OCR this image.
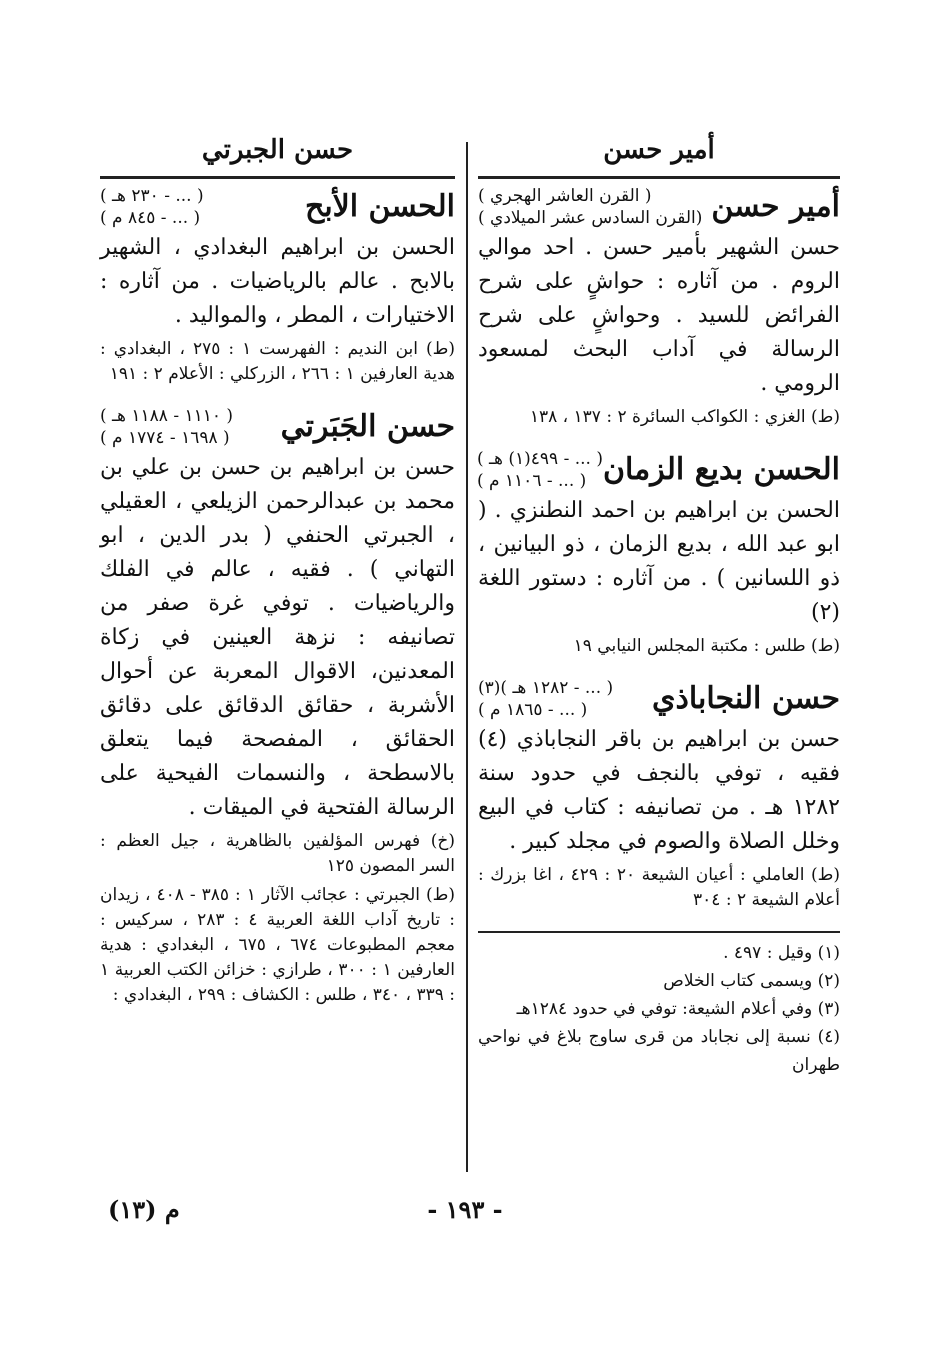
أمير حسن
أمير حسن
( القرن العاشر الهجري )
(القرن السادس عشر الميلادي )

حسن الشهير بأمير حسن . احد موالي الروم . من آثاره : حواشٍ على شرح الفرائض للسيد . وحواشٍ على شرح الرسالة في آداب البحث لمسعود الرومي .

(ط) الغزي : الكواكب السائرة ٢ : ١٣٧ ، ١٣٨

الحسن بديع الزمان
( ... - ٤٩٩(١) هـ )
( ... - ١١٠٦ م )

الحسن بن ابراهيم بن احمد النطنزي . ( ابو عبد الله ، بديع الزمان ، ذو البيانين ، ذو اللسانين ) . من آثاره : دستور اللغة (٢)

(ط) طلس : مكتبة المجلس النيابي ١٩

حسن النجاباذي
( ... - ١٢٨٢ هـ )(٣)
( ... - ١٨٦٥ م )

حسن بن ابراهيم بن باقر النجاباذي (٤) فقيه ، توفي بالنجف في حدود سنة ١٢٨٢ هـ . من تصانيفه : كتاب في البيع وخلل الصلاة والصوم في مجلد كبير .

(ط) العاملي : أعيان الشيعة ٢٠ : ٤٢٩ ، اغا بزرك : أعلام الشيعة ٢ : ٣٠٤

(١) وقيل : ٤٩٧ .
(٢) ويسمى كتاب الخلاص
(٣) وفي أعلام الشيعة: توفي في حدود ١٢٨٤هـ
(٤) نسبة إلى نجاباد من قرى ساوج بلاغ في نواحي طهران
حسن الجبرتي
الحسن الأبح
( ... - ٢٣٠ هـ )
( ... - ٨٤٥ م )

الحسن بن ابراهيم البغدادي ، الشهير بالابح . عالم بالرياضيات . من آثاره : الاختيارات ، المطر ، والمواليد .

(ط) ابن النديم : الفهرست ١ : ٢٧٥ ، البغدادي : هدية العارفين ١ : ٢٦٦ ، الزركلي : الأعلام ٢ : ١٩١

حسن الجَبَرتي
( ١١١٠ - ١١٨٨ هـ )
( ١٦٩٨ - ١٧٧٤ م )

حسن بن ابراهيم بن حسن بن علي بن محمد بن عبدالرحمن الزيلعي ، العقيلي ، الجبرتي الحنفي ( بدر الدين ، ابو التهاني ) . فقيه ، عالم في الفلك والرياضيات . توفي غرة صفر من تصانيفه : نزهة العينين في زكاة المعدنين، الاقوال المعربة عن أحوال الأشربة ، حقائق الدقائق على دقائق الحقائق ، المفصحة فيما يتعلق بالاسطحة ، والنسمات الفيحية على الرسالة الفتحية في الميقات .

(خ) فهرس المؤلفين بالظاهرية ، جيل العظم : السر المصون ١٢٥

(ط) الجبرتي : عجائب الآثار ١ : ٣٨٥ - ٤٠٨ ، زيدان : تاريخ آداب اللغة العربية ٤ : ٢٨٣ ، سركيس : معجم المطبوعات ٦٧٤ ، ٦٧٥ ، البغدادي : هدية العارفين ١ : ٣٠٠ ، طرازي : خزائن الكتب العربية ١ : ٣٣٩ ، ٣٤٠ ، طلس : الكشاف : ٢٩٩ ، البغدادي :

م (١٣)	- ١٩٣ -
